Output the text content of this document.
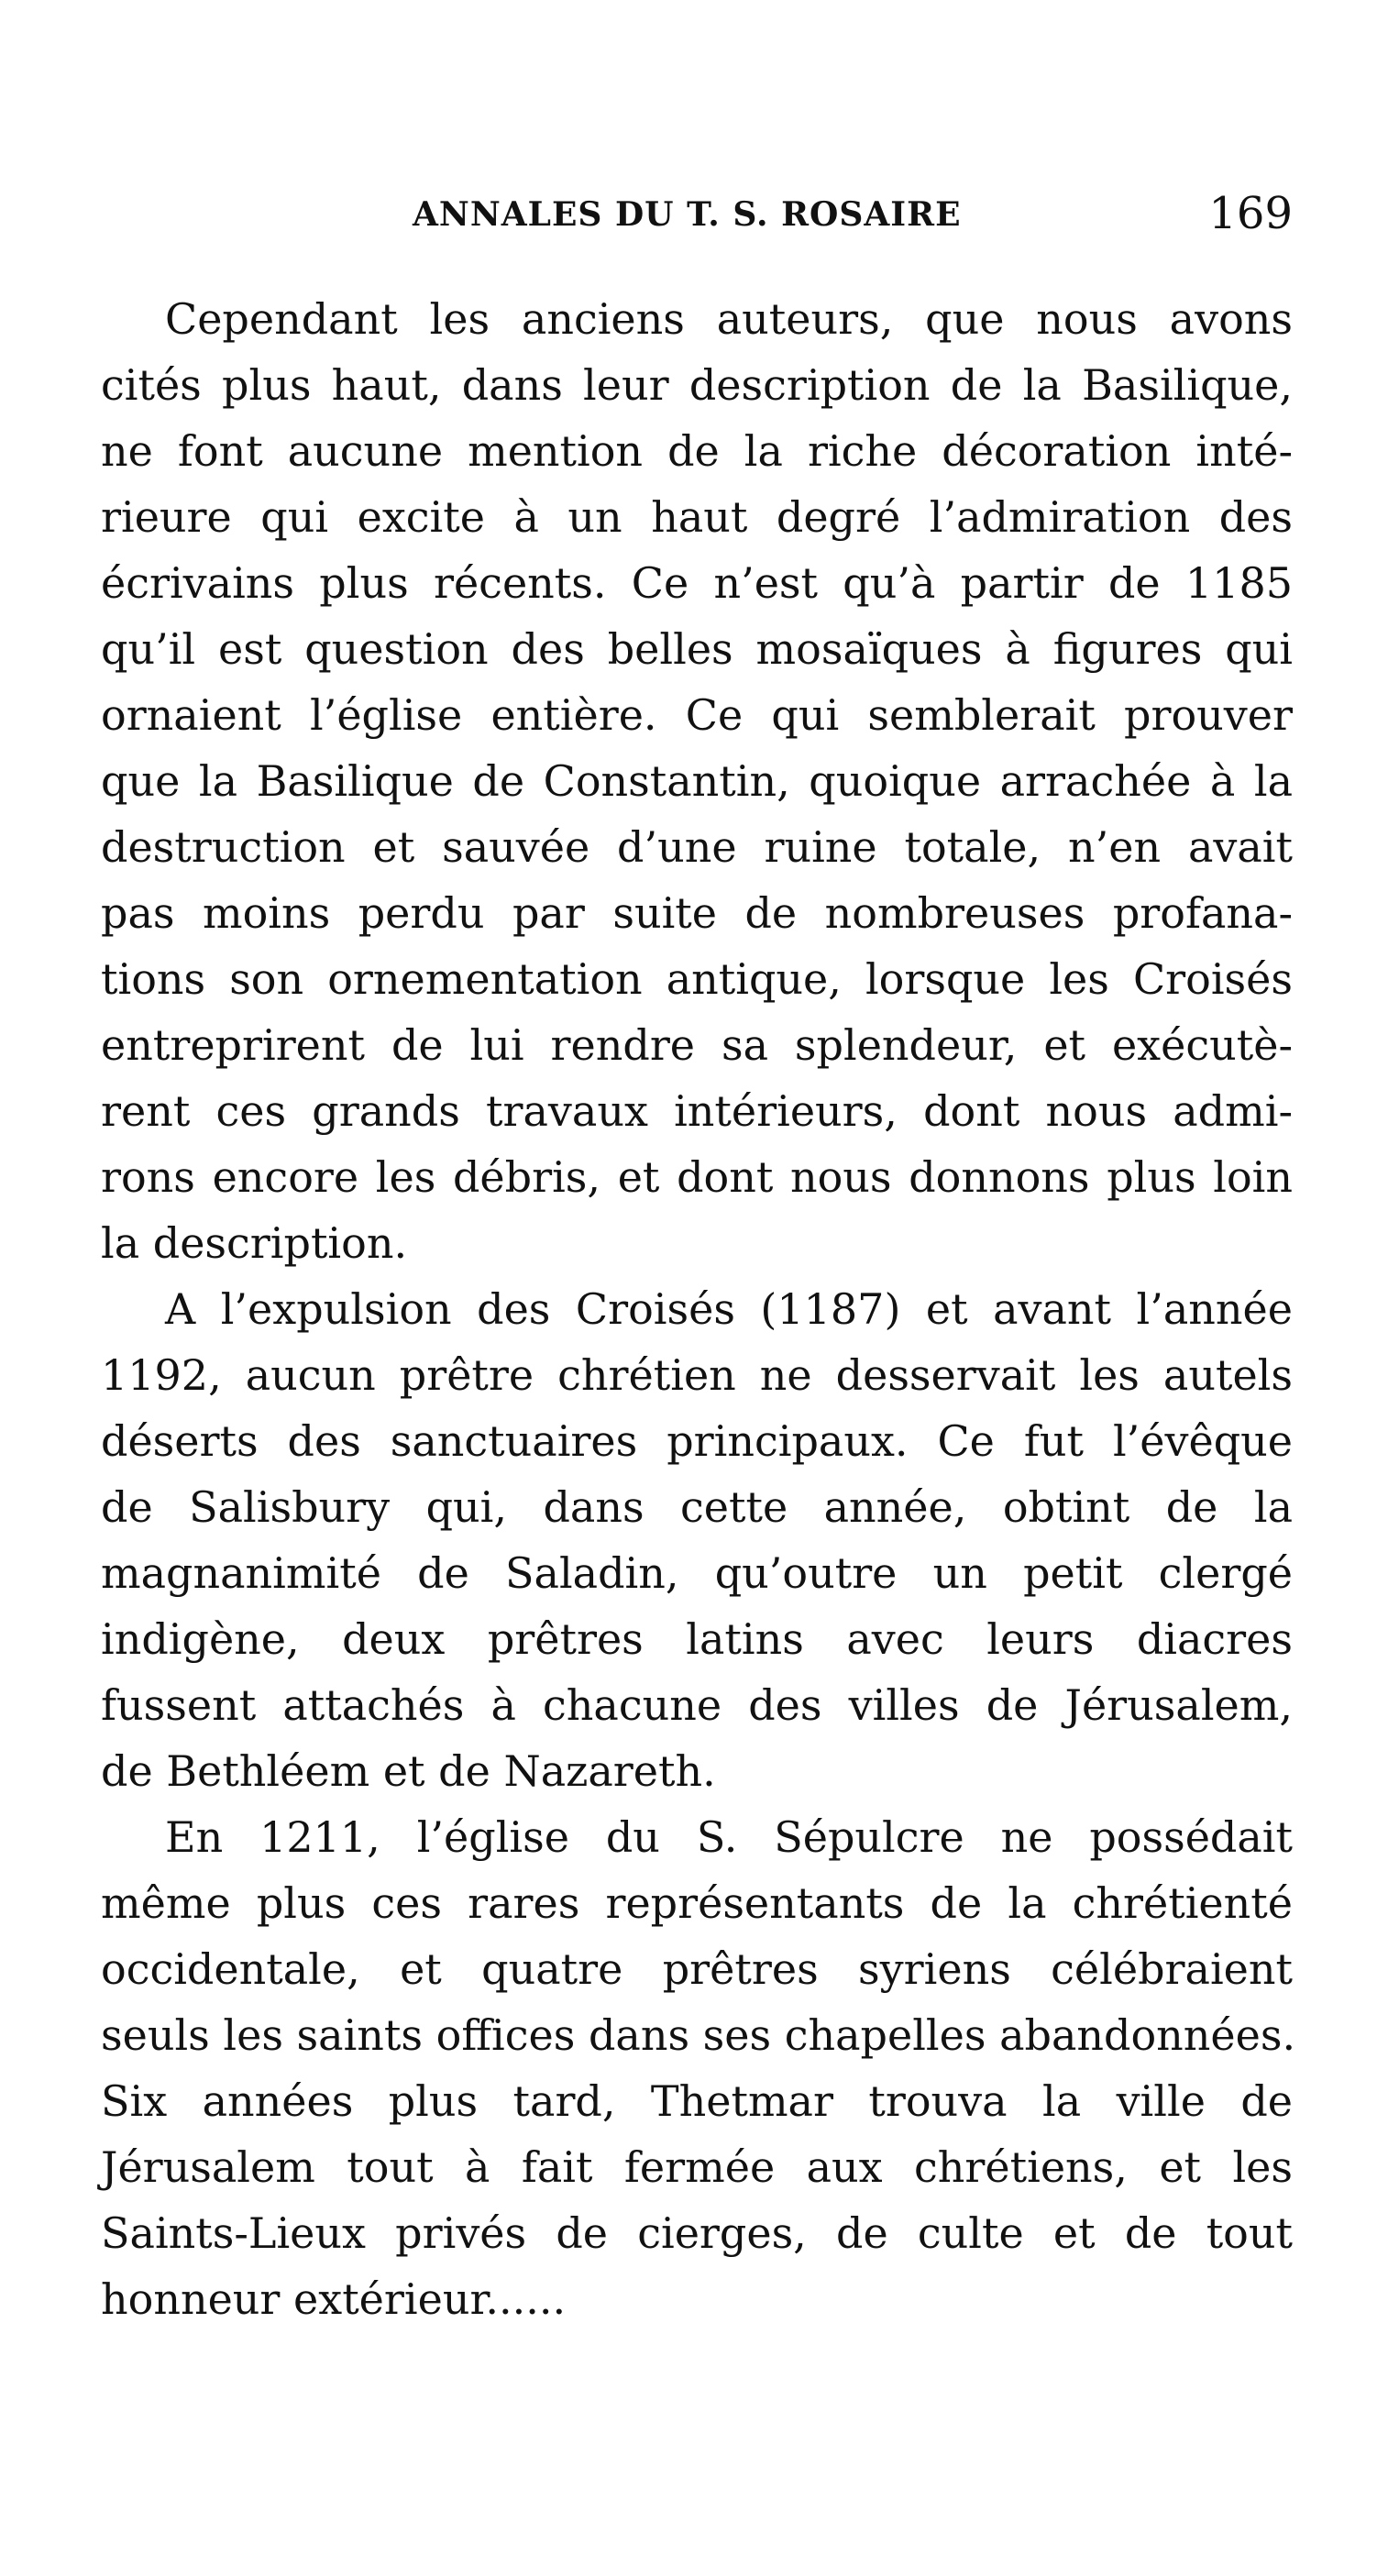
ANNALES DU T. S. ROSAIRE	169
Cependant les anciens auteurs, que nous avons
cités plus haut, dans leur description de la Basilique,
ne font aucune mention de la riche décoration inté-
rieure qui excite à un haut degré l’admiration des
écrivains plus récents. Ce n’est qu’à partir de 1185
qu’il est question des belles mosaïques à figures qui
ornaient l’église entière. Ce qui semblerait prouver
que la Basilique de Constantin, quoique arrachée à la
destruction et sauvée d’une ruine totale, n’en avait
pas moins perdu par suite de nombreuses profana-
tions son ornementation antique, lorsque les Croisés
entreprirent de lui rendre sa splendeur, et exécutè-
rent ces grands travaux intérieurs, dont nous admi-
rons encore les débris, et dont nous donnons plus loin
la description.
A l’expulsion des Croisés (1187) et avant l’année
1192, aucun prêtre chrétien ne desservait les autels
déserts des sanctuaires principaux. Ce fut l’évêque
de Salisbury qui, dans cette année, obtint de la
magnanimité de Saladin, qu’outre un petit clergé
indigène, deux prêtres latins avec leurs diacres
fussent attachés à chacune des villes de Jérusalem,
de Bethléem et de Nazareth.
En 1211, l’église du S. Sépulcre ne possédait
même plus ces rares représentants de la chrétienté
occidentale, et quatre prêtres syriens célébraient
seuls les saints offices dans ses chapelles abandonnées.
Six années plus tard, Thetmar trouva la ville de
Jérusalem tout à fait fermée aux chrétiens, et les
Saints-Lieux privés de cierges, de culte et de tout
honneur extérieur......
